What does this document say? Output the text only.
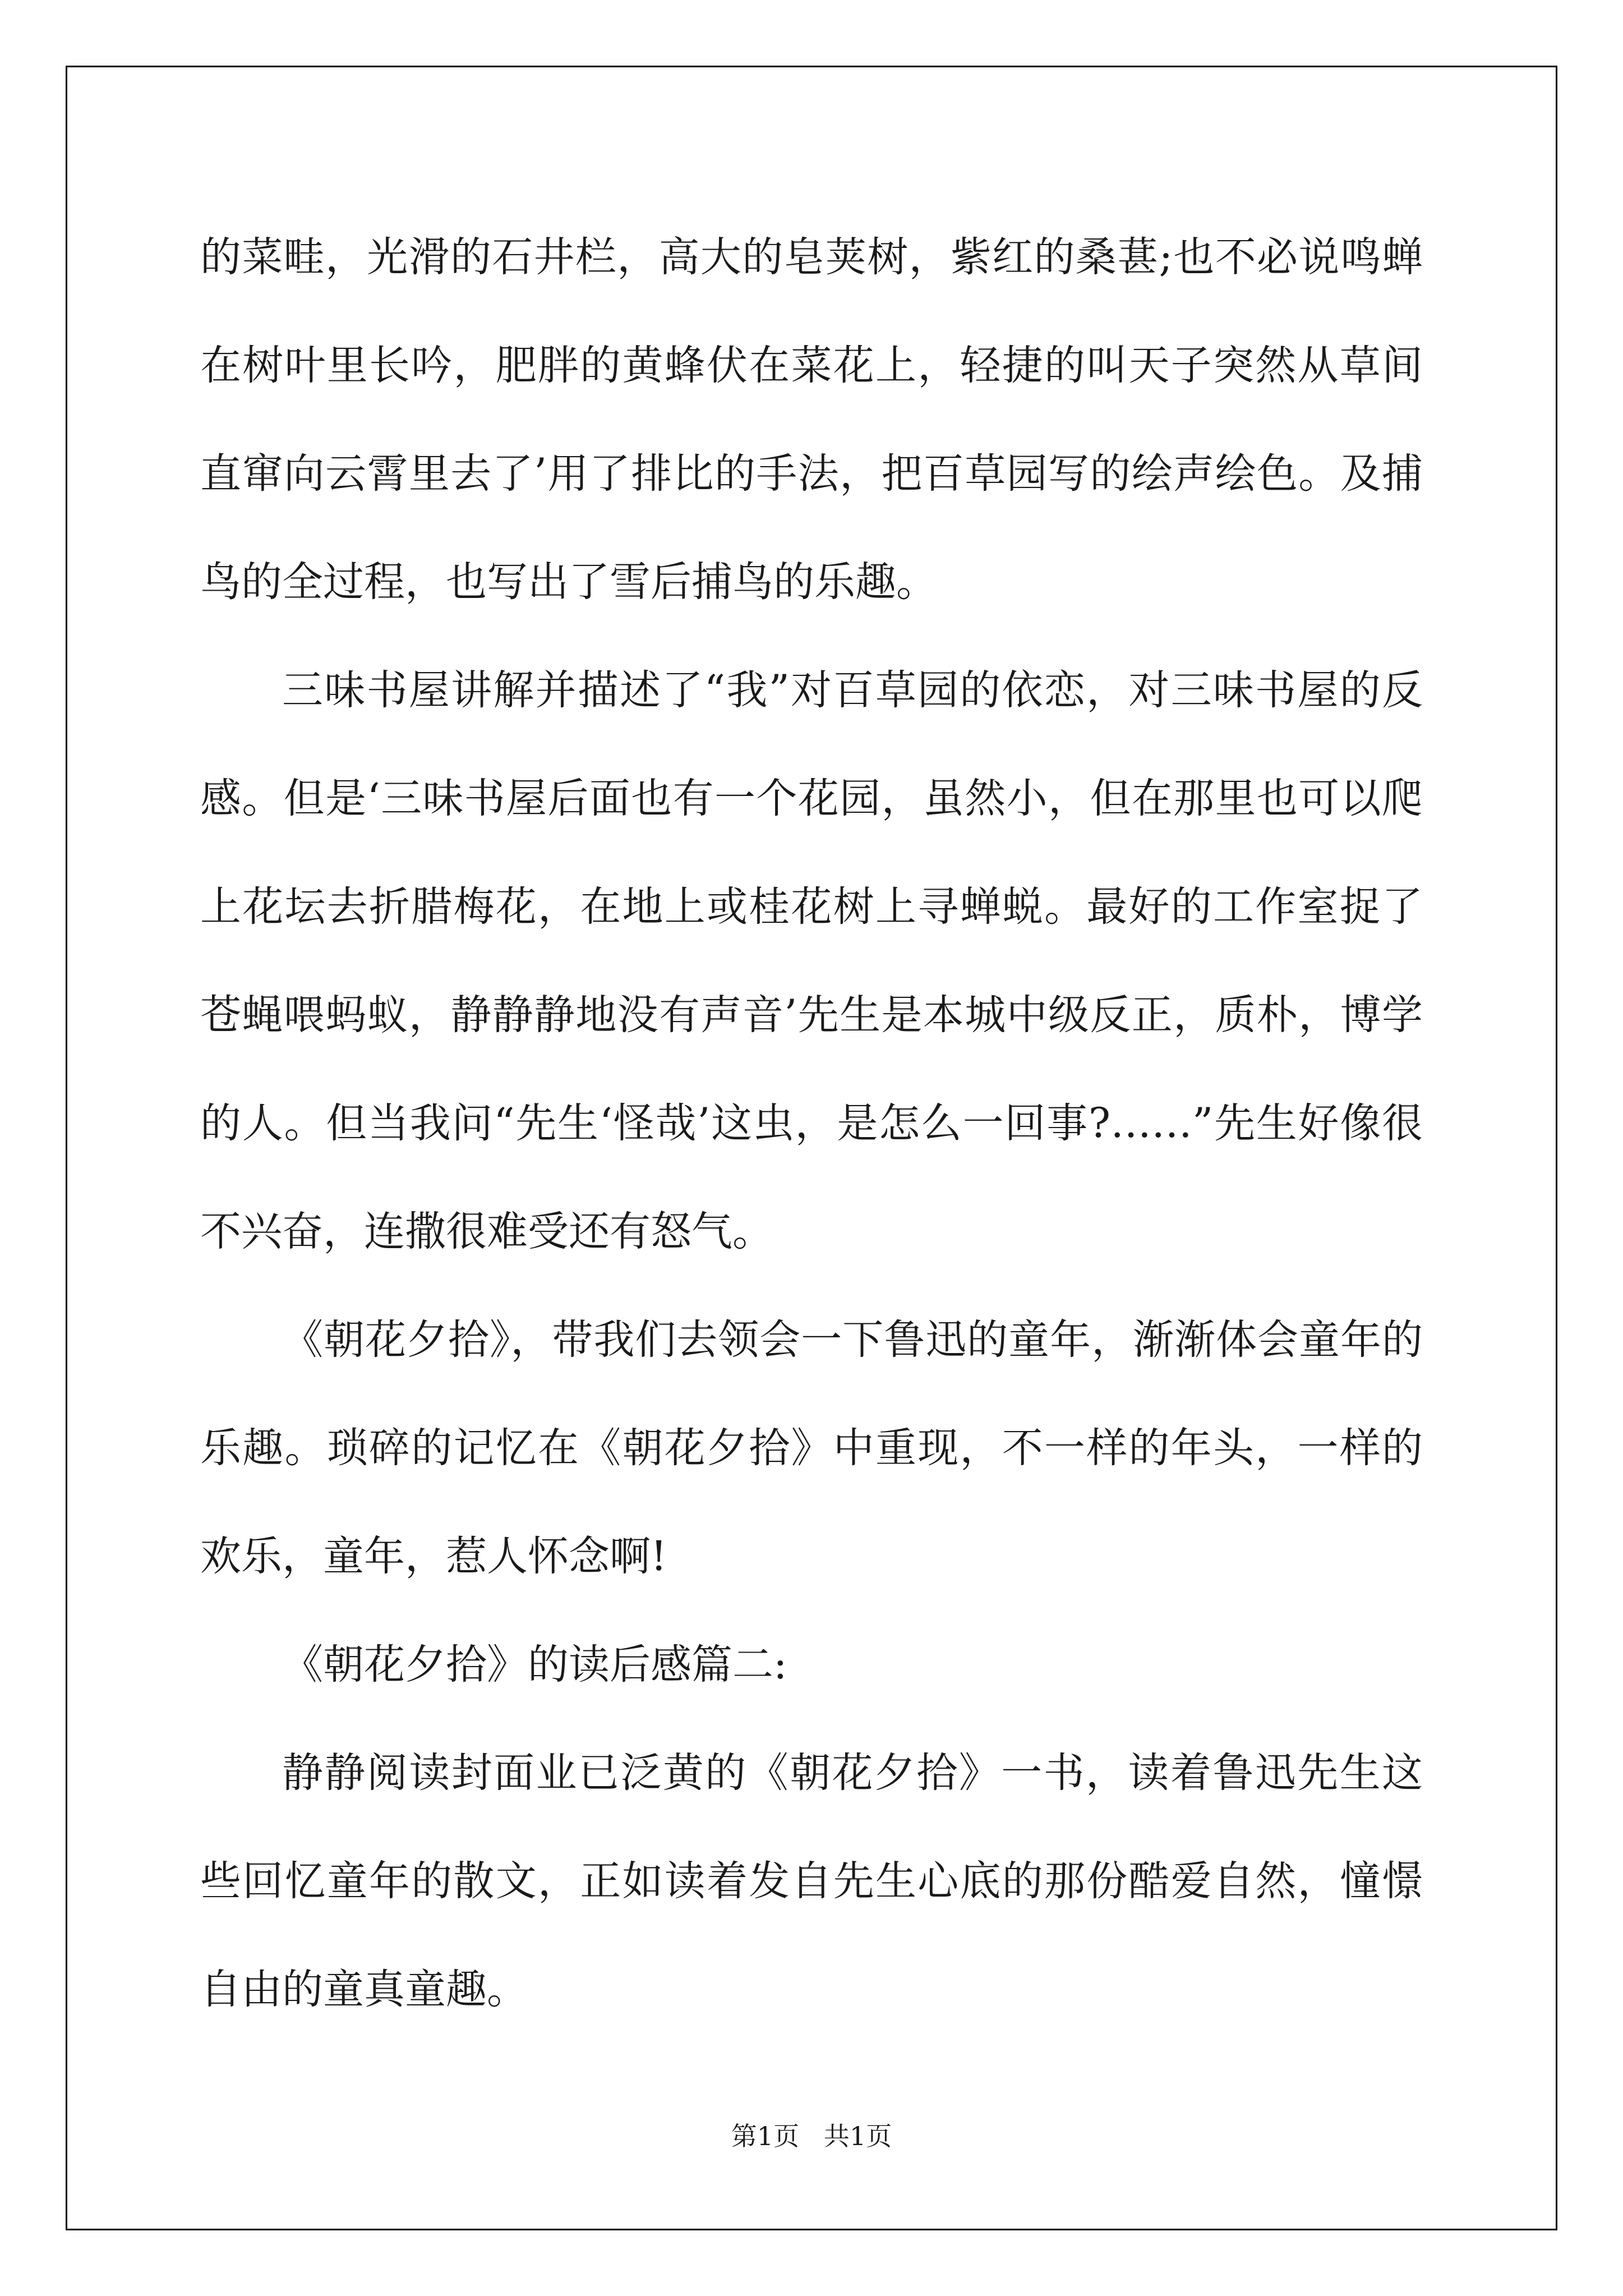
的菜畦，光滑的石井栏，高大的皂荚树，紫红的桑葚;也不必说鸣蝉在树叶里长吟，肥胖的黄蜂伏在菜花上，轻捷的叫天子突然从草间直窜向云霄里去了’用了排比的手法，把百草园写的绘声绘色。及捕鸟的全过程，也写出了雪后捕鸟的乐趣。

三味书屋讲解并描述了“我”对百草园的依恋，对三味书屋的反感。但是‘三味书屋后面也有一个花园，虽然小，但在那里也可以爬上花坛去折腊梅花，在地上或桂花树上寻蝉蜕。最好的工作室捉了苍蝇喂蚂蚁，静静静地没有声音’先生是本城中级反正，质朴，博学的人。但当我问“先生‘怪哉’这虫，是怎么一回事?……”先生好像很不兴奋，连撒很难受还有怒气。

《朝花夕拾》，带我们去领会一下鲁迅的童年，渐渐体会童年的乐趣。琐碎的记忆在《朝花夕拾》中重现，不一样的年头，一样的欢乐，童年，惹人怀念啊!

《朝花夕拾》的读后感篇二:

静静阅读封面业已泛黄的《朝花夕拾》一书，读着鲁迅先生这些回忆童年的散文，正如读着发自先生心底的那份酷爱自然，憧憬自由的童真童趣。

第1页   共1页
